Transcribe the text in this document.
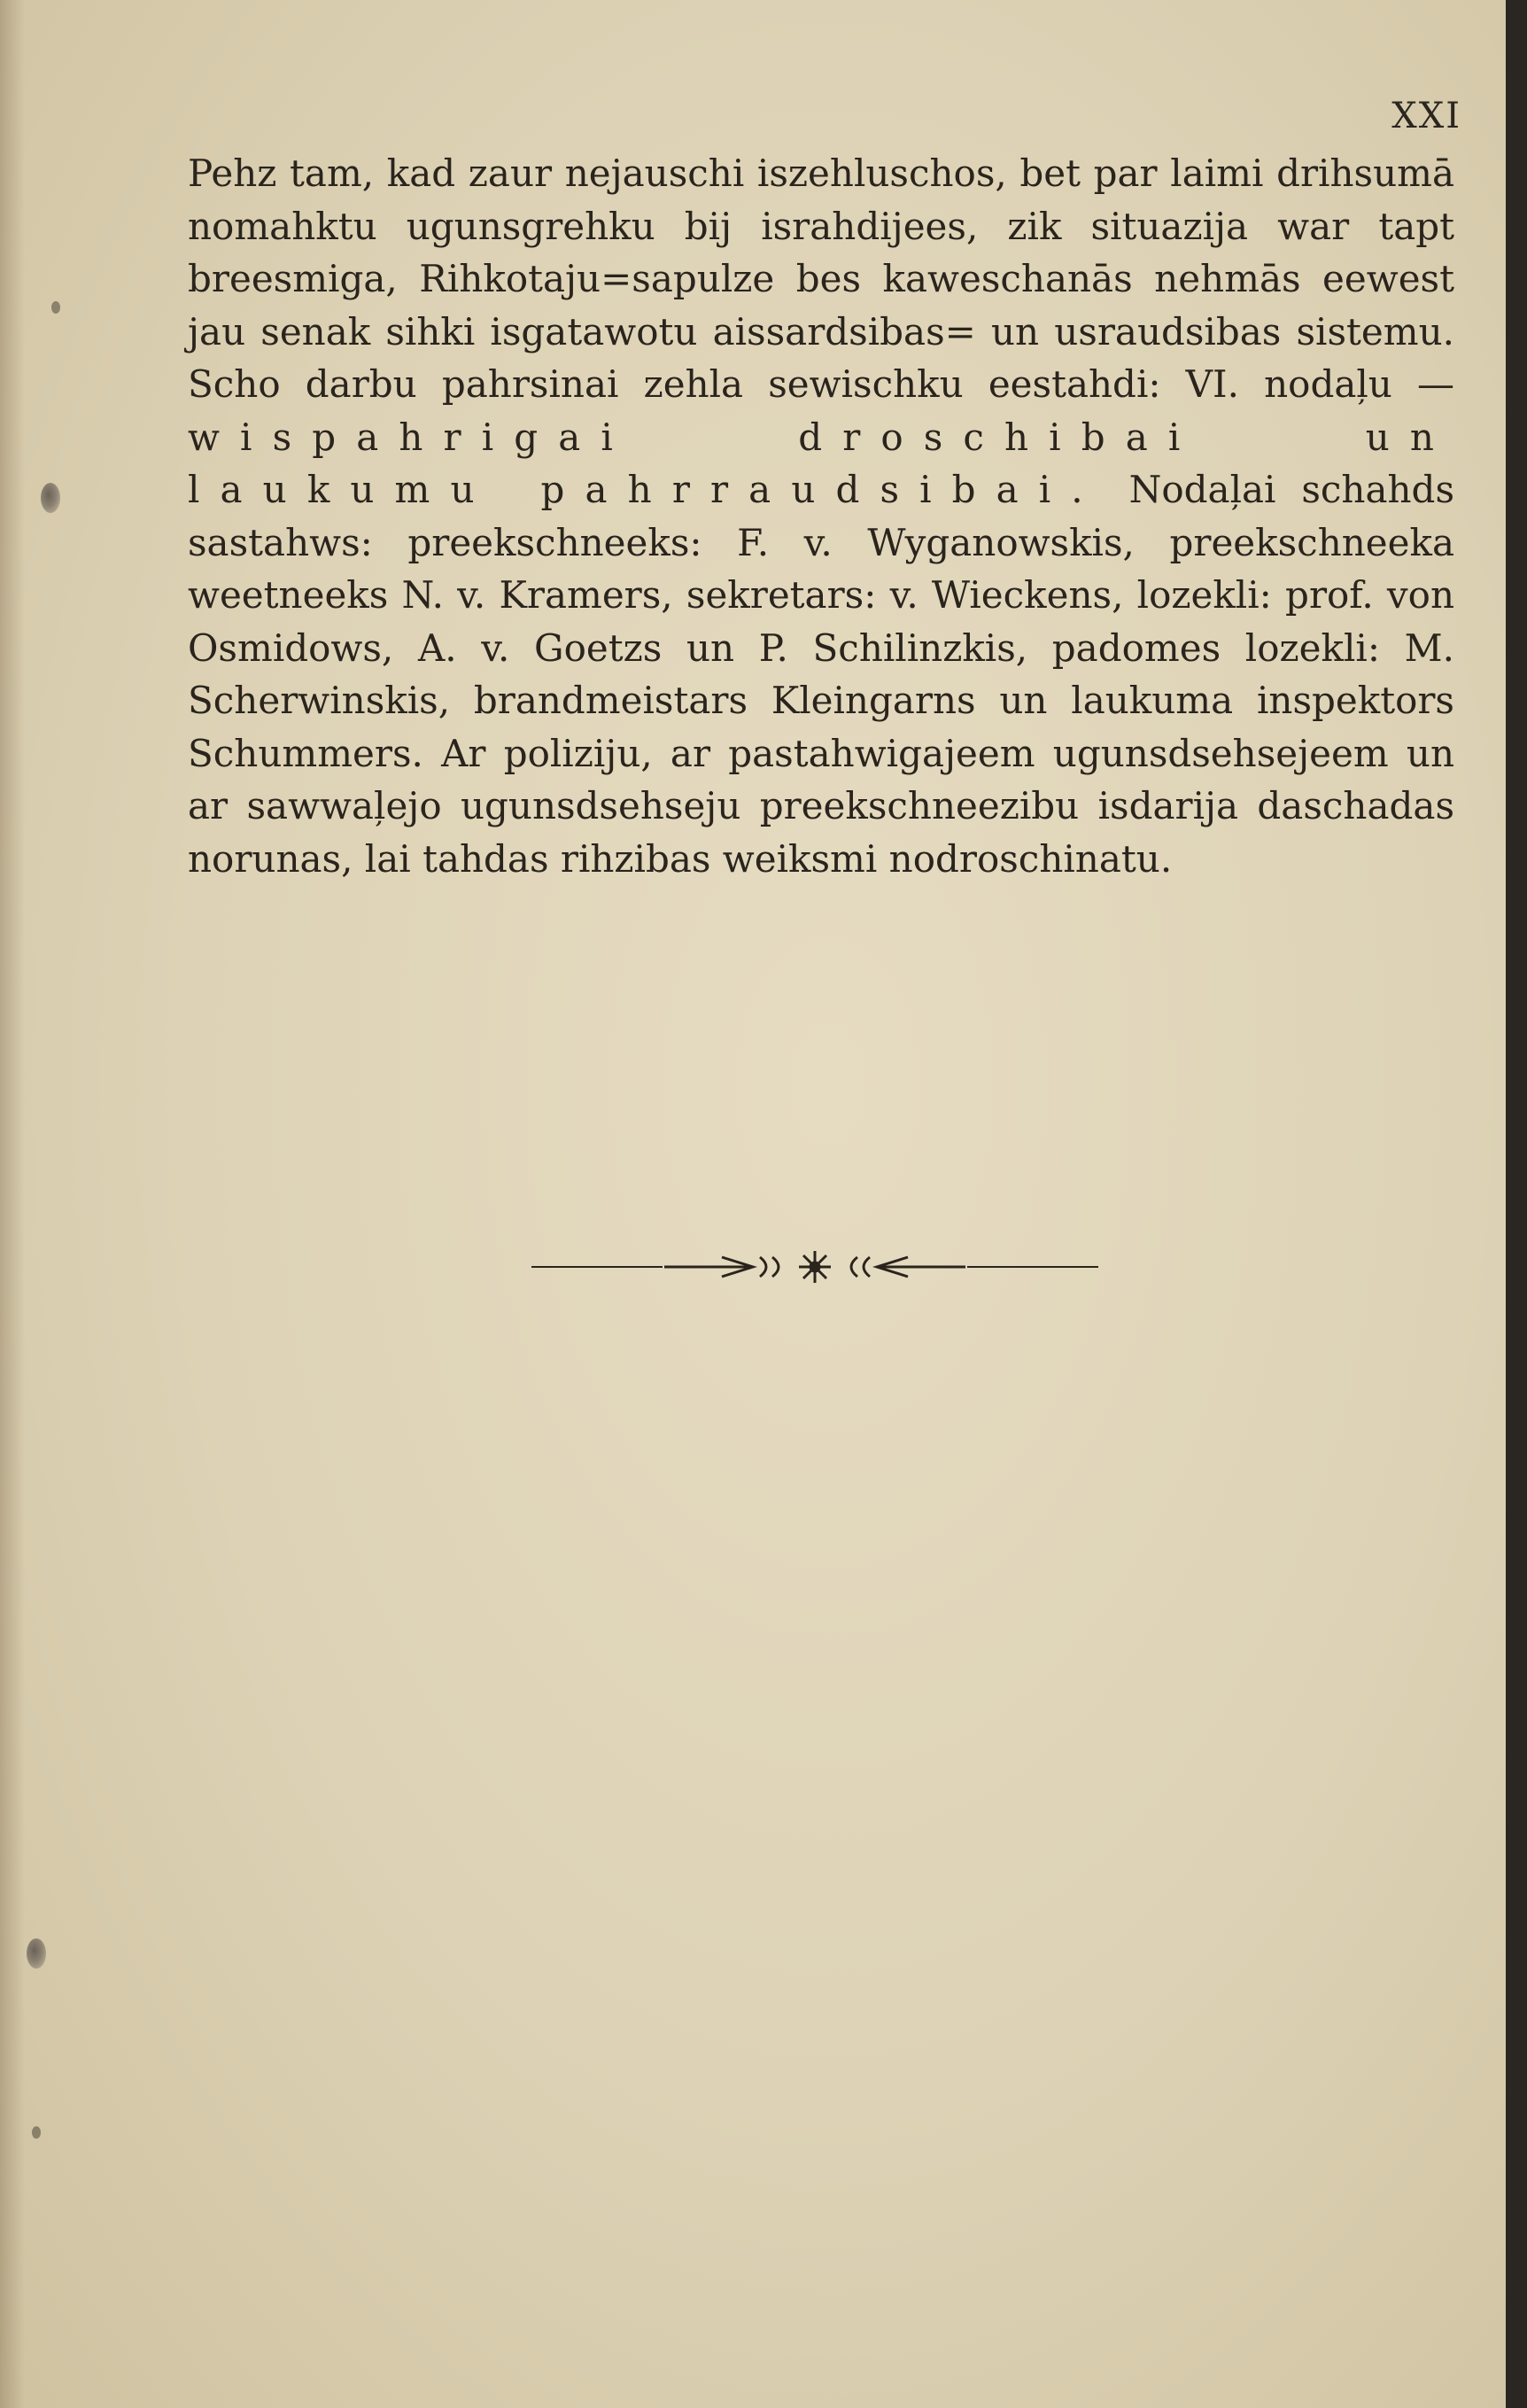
XXI

Pehz tam, kad zaur nejauschi iszehluschos, bet par laimi drihsumā nomahktu ugunsgrehku bij israhdijees, zik situazija war tapt breesmiga, Rihkotaju=sapulze bes kaweschanās nehmās eewest jau senak sihki isgatawotu aissardsibas= un usraudsibas sistemu. Scho darbu pahrsinai zehla sewischku eestahdi: VI. nodaļu — wispahrigai droschibai un laukumu pahrraudsibai. Nodaļai schahds sastahws: preekschneeks: F. v. Wyganowskis, preekschneeka weetneeks N. v. Kramers, sekretars: v. Wieckens, lozekli: prof. von Osmidows, A. v. Goetzs un P. Schilinzkis, padomes lozekli: M. Scherwinskis, brandmeistars Kleingarns un laukuma inspektors Schummers. Ar poliziju, ar pastahwigajeem ugunsdsehsejeem un ar sawwaļejo ugunsdsehseju preekschneezibu isdarija daschadas norunas, lai tahdas rihzibas weiksmi nodroschinatu.
